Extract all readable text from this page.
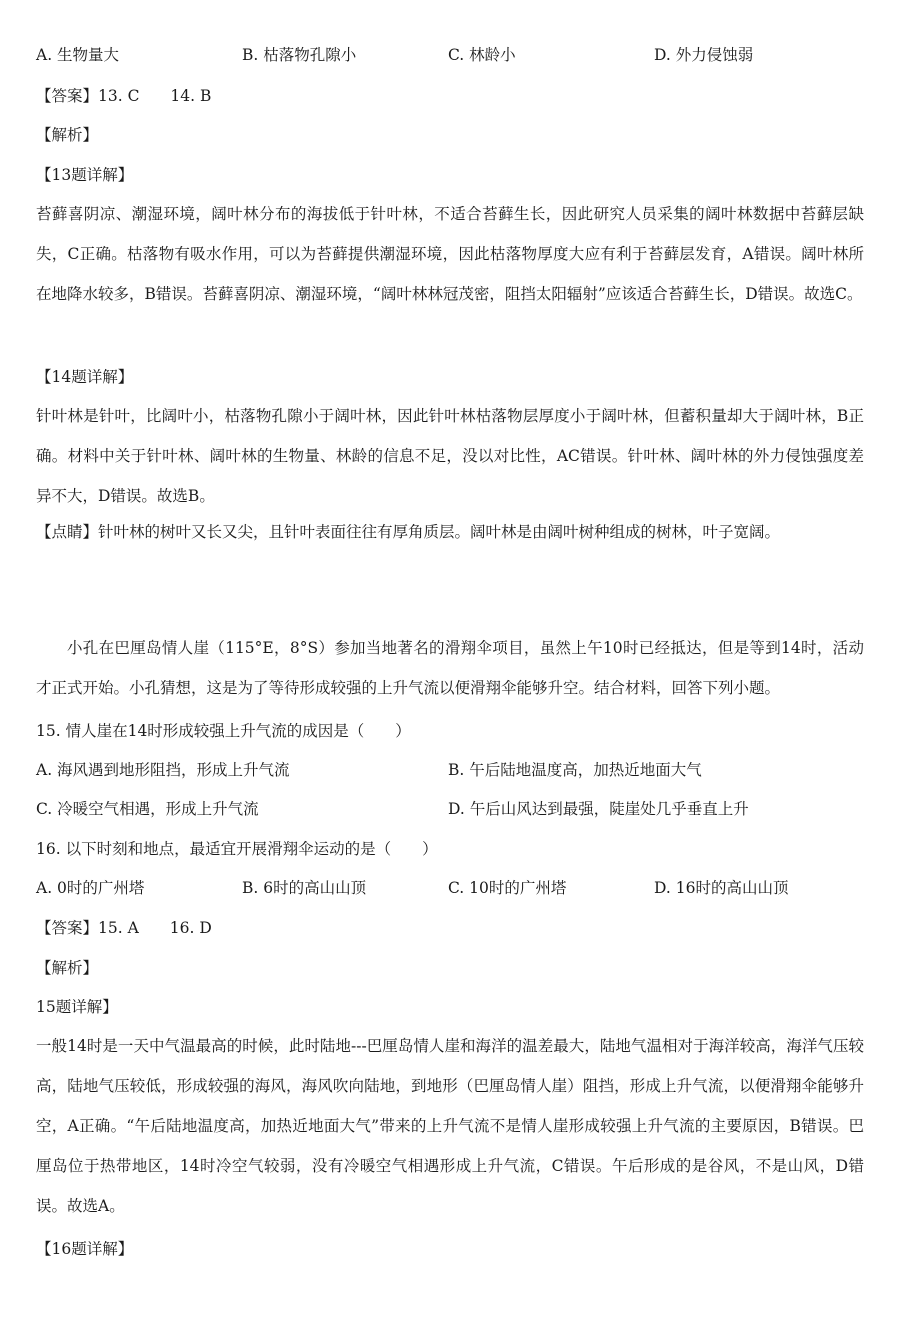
A. 生物量大	B. 枯落物孔隙小	C. 林龄小	D. 外力侵蚀弱
【答案】13. C　　14. B
【解析】
【13题详解】
苔藓喜阴凉、潮湿环境，阔叶林分布的海拔低于针叶林，不适合苔藓生长，因此研究人员采集的阔叶林数据中苔藓层缺失，C正确。枯落物有吸水作用，可以为苔藓提供潮湿环境，因此枯落物厚度大应有利于苔藓层发育，A错误。阔叶林所在地降水较多，B错误。苔藓喜阴凉、潮湿环境，“阔叶林林冠茂密，阻挡太阳辐射”应该适合苔藓生长，D错误。故选C。
【14题详解】
针叶林是针叶，比阔叶小，枯落物孔隙小于阔叶林，因此针叶林枯落物层厚度小于阔叶林，但蓄积量却大于阔叶林，B正确。材料中关于针叶林、阔叶林的生物量、林龄的信息不足，没以对比性，AC错误。针叶林、阔叶林的外力侵蚀强度差异不大，D错误。故选B。
【点睛】针叶林的树叶又长又尖，且针叶表面往往有厚角质层。阔叶林是由阔叶树种组成的树林，叶子宽阔。
小孔在巴厘岛情人崖（115°E，8°S）参加当地著名的滑翔伞项目，虽然上午10时已经抵达，但是等到14时，活动才正式开始。小孔猜想，这是为了等待形成较强的上升气流以便滑翔伞能够升空。结合材料，回答下列小题。
15. 情人崖在14时形成较强上升气流的成因是（　　）
A. 海风遇到地形阻挡，形成上升气流	B. 午后陆地温度高，加热近地面大气
C. 冷暖空气相遇，形成上升气流	D. 午后山风达到最强，陡崖处几乎垂直上升
16. 以下时刻和地点，最适宜开展滑翔伞运动的是（　　）
A. 0时的广州塔	B. 6时的高山山顶	C. 10时的广州塔	D. 16时的高山山顶
【答案】15. A　　16. D
【解析】
15题详解】
一般14时是一天中气温最高的时候，此时陆地---巴厘岛情人崖和海洋的温差最大，陆地气温相对于海洋较高，海洋气压较高，陆地气压较低，形成较强的海风，海风吹向陆地，到地形（巴厘岛情人崖）阻挡，形成上升气流，以便滑翔伞能够升空，A正确。“午后陆地温度高，加热近地面大气”带来的上升气流不是情人崖形成较强上升气流的主要原因，B错误。巴厘岛位于热带地区，14时冷空气较弱，没有冷暖空气相遇形成上升气流，C错误。午后形成的是谷风，不是山风，D错误。故选A。
【16题详解】
